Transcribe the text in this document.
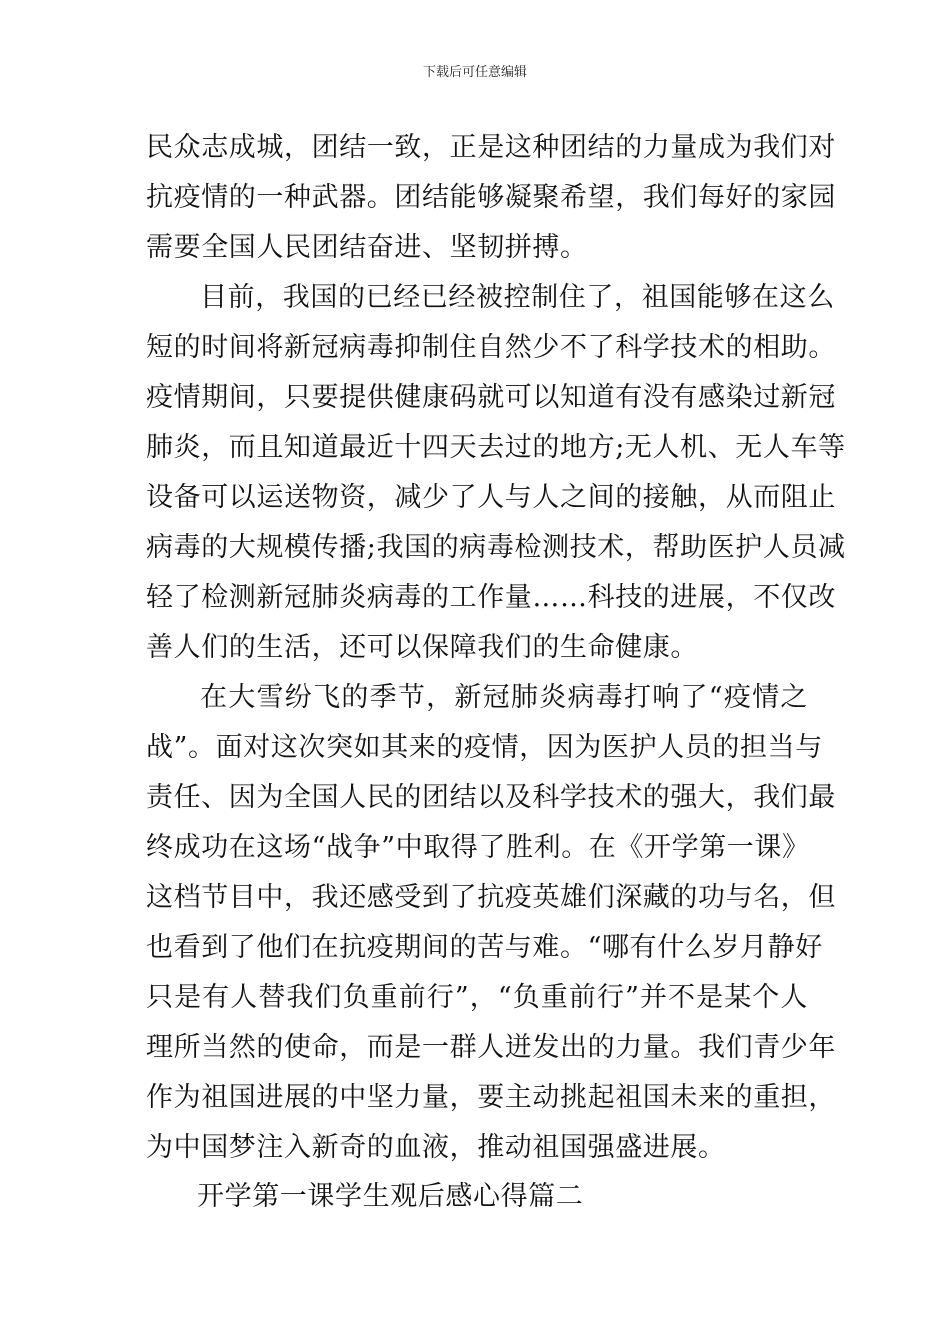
下载后可任意编辑
民众志成城，团结一致，正是这种团结的力量成为我们对
抗疫情的一种武器。团结能够凝聚希望，我们每好的家园
需要全国人民团结奋进、坚韧拼搏。
目前，我国的已经已经被控制住了，祖国能够在这么
短的时间将新冠病毒抑制住自然少不了科学技术的相助。
疫情期间，只要提供健康码就可以知道有没有感染过新冠
肺炎，而且知道最近十四天去过的地方;无人机、无人车等
设备可以运送物资，减少了人与人之间的接触，从而阻止
病毒的大规模传播;我国的病毒检测技术，帮助医护人员减
轻了检测新冠肺炎病毒的工作量……科技的进展，不仅改
善人们的生活，还可以保障我们的生命健康。
在大雪纷飞的季节，新冠肺炎病毒打响了“疫情之
战”。面对这次突如其来的疫情，因为医护人员的担当与
责任、因为全国人民的团结以及科学技术的强大，我们最
终成功在这场“战争”中取得了胜利。在《开学第一课》
这档节目中，我还感受到了抗疫英雄们深藏的功与名，但
也看到了他们在抗疫期间的苦与难。“哪有什么岁月静好
只是有人替我们负重前行”，“负重前行”并不是某个人
理所当然的使命，而是一群人迸发出的力量。我们青少年
作为祖国进展的中坚力量，要主动挑起祖国未来的重担，
为中国梦注入新奇的血液，推动祖国强盛进展。
开学第一课学生观后感心得篇二
